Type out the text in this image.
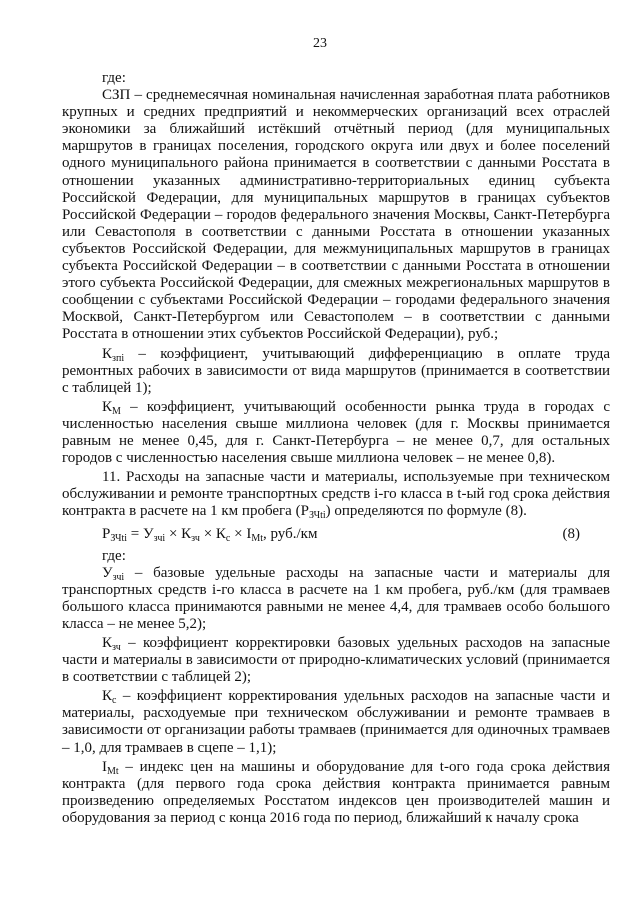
23

где:

СЗП – среднемесячная номинальная начисленная заработная плата работников крупных и средних предприятий и некоммерческих организаций всех отраслей экономики за ближайший истёкший отчётный период (для муниципальных маршрутов в границах поселения, городского округа или двух и более поселений одного муниципального района принимается в соответствии с данными Росстата в отношении указанных административно-территориальных единиц субъекта Российской Федерации, для муниципальных маршрутов в границах субъектов Российской Федерации – городов федерального значения Москвы, Санкт-Петербурга или Севастополя в соответствии с данными Росстата в отношении указанных субъектов Российской Федерации, для межмуниципальных маршрутов в границах субъекта Российской Федерации – в соответствии с данными Росстата в отношении этого субъекта Российской Федерации, для смежных межрегиональных маршрутов в сообщении с субъектами Российской Федерации – городами федерального значения Москвой, Санкт-Петербургом или Севастополем – в соответствии с данными Росстата в отношении этих субъектов Российской Федерации), руб.;

$К_{зпі}$ – коэффициент, учитывающий дифференциацию в оплате труда ремонтных рабочих в зависимости от вида маршрутов (принимается в соответствии с таблицей 1);

$К_М$ – коэффициент, учитывающий особенности рынка труда в городах с численностью населения свыше миллиона человек (для г. Москвы принимается равным не менее 0,45, для г. Санкт-Петербурга – не менее 0,7, для остальных городов с численностью населения свыше миллиона человек – не менее 0,8).

11. Расходы на запасные части и материалы, используемые при техническом обслуживании и ремонте транспортных средств i-го класса в t-ый год срока действия контракта в расчете на 1 км пробега $(Р_{ЗЧti})$ определяются по формуле (8).

$Р_{ЗЧti} = У_{зчi} \times К_{зч} \times К_с \times I_{Мt}$, руб./км	(8)

где:

$У_{зчі}$ – базовые удельные расходы на запасные части и материалы для транспортных средств i-го класса в расчете на 1 км пробега, руб./км (для трамваев большого класса принимаются равными не менее 4,4, для трамваев особо большого класса – не менее 5,2);

$К_{зч}$ – коэффициент корректировки базовых удельных расходов на запасные части и материалы в зависимости от природно-климатических условий (принимается в соответствии с таблицей 2);

$К_с$ – коэффициент корректирования удельных расходов на запасные части и материалы, расходуемые при техническом обслуживании и ремонте трамваев в зависимости от организации работы трамваев (принимается для одиночных трамваев – 1,0, для трамваев в сцепе – 1,1);

$I_{Мt}$ – индекс цен на машины и оборудование для t-ого года срока действия контракта (для первого года срока действия контракта принимается равным произведению определяемых Росстатом индексов цен производителей машин и оборудования за период с конца 2016 года по период, ближайший к началу срока
